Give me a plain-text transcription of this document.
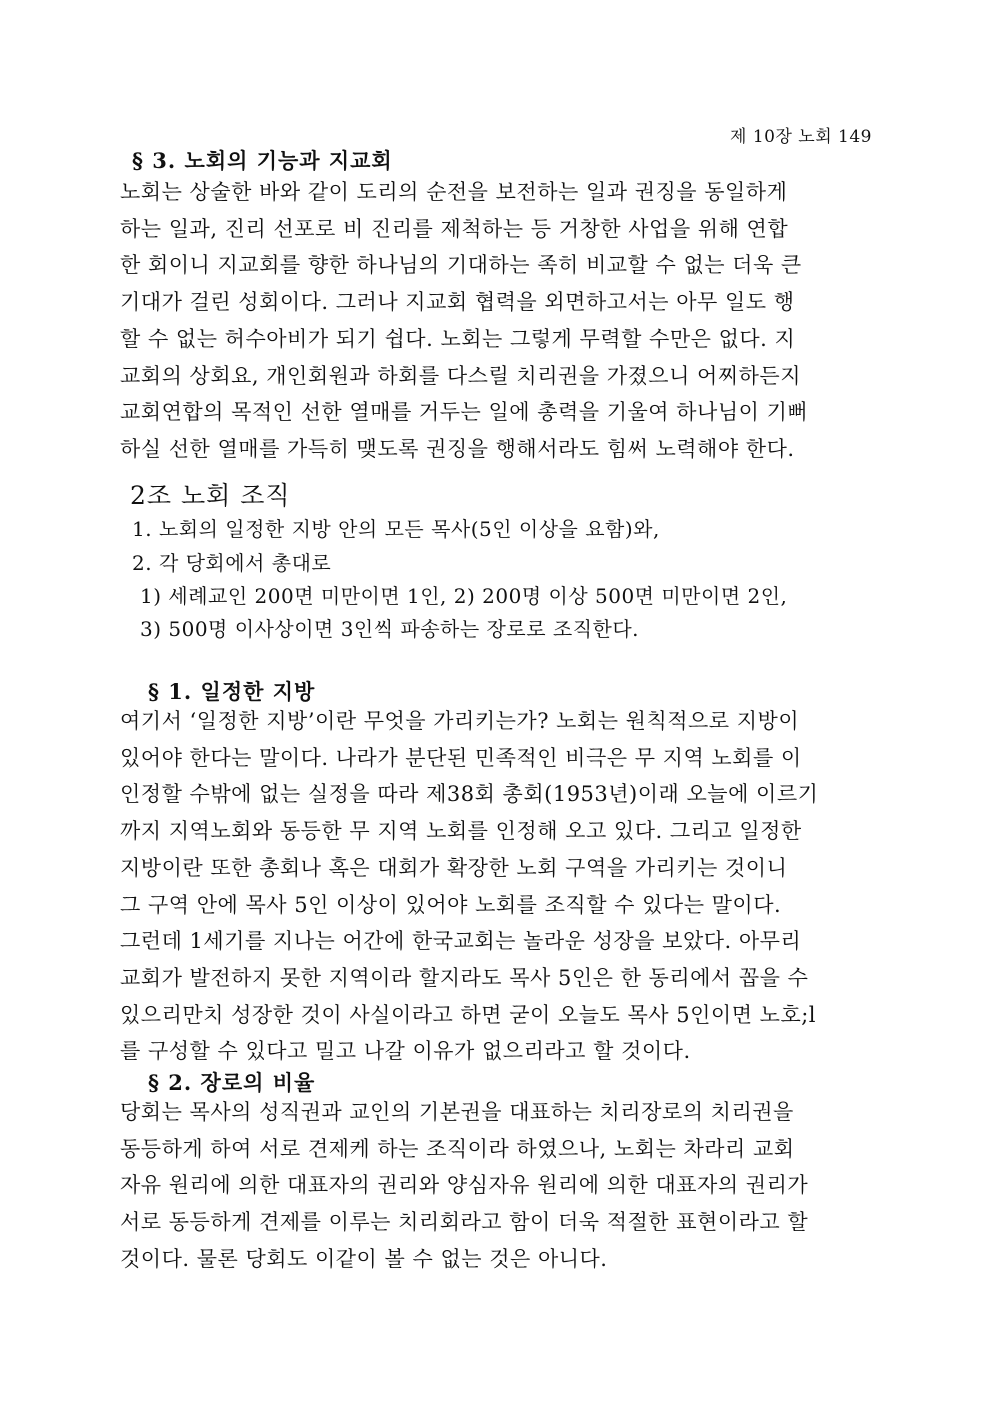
제 10장 노회 149
§ 3. 노회의 기능과 지교회
노회는 상술한 바와 같이 도리의 순전을 보전하는 일과 권징을 동일하게
하는 일과, 진리 선포로 비 진리를 제척하는 등 거창한 사업을 위해 연합
한 회이니 지교회를 향한 하나님의 기대하는 족히 비교할 수 없는 더욱 큰
기대가 걸린 성회이다. 그러나 지교회 협력을 외면하고서는 아무 일도 행
할 수 없는 허수아비가 되기 쉽다. 노회는 그렇게 무력할 수만은 없다. 지
교회의 상회요, 개인회원과 하회를 다스릴 치리권을 가졌으니 어찌하든지
교회연합의 목적인 선한 열매를 거두는 일에 총력을 기울여 하나님이 기뻐
하실 선한 열매를 가득히 맺도록 권징을 행해서라도 힘써 노력해야 한다.
2조 노회 조직
1. 노회의 일정한 지방 안의 모든 목사(5인 이상을 요함)와,
2. 각 당회에서 총대로
1) 세례교인 200면 미만이면 1인, 2) 200명 이상 500면 미만이면 2인,
3) 500명 이사상이면 3인씩 파송하는 장로로 조직한다.
§ 1. 일정한 지방
여기서 ‘일정한 지방’이란 무엇을 가리키는가? 노회는 원칙적으로 지방이
있어야 한다는 말이다. 나라가 분단된 민족적인 비극은 무 지역 노회를 이
인정할 수밖에 없는 실정을 따라 제38회 총회(1953년)이래 오늘에 이르기
까지 지역노회와 동등한 무 지역 노회를 인정해 오고 있다. 그리고 일정한
지방이란 또한 총회나 혹은 대회가 확장한 노회 구역을 가리키는 것이니
그 구역 안에 목사 5인 이상이 있어야 노회를 조직할 수 있다는 말이다.
그런데 1세기를 지나는 어간에 한국교회는 놀라운 성장을 보았다. 아무리
교회가 발전하지 못한 지역이라 할지라도 목사 5인은 한 동리에서 꼽을 수
있으리만치 성장한 것이 사실이라고 하면 굳이 오늘도 목사 5인이면 노호;l
를 구성할 수 있다고 밀고 나갈 이유가 없으리라고 할 것이다.
§ 2. 장로의 비율
당회는 목사의 성직권과 교인의 기본권을 대표하는 치리장로의 치리권을
동등하게 하여 서로 견제케 하는 조직이라 하였으나, 노회는 차라리 교회
자유 원리에 의한 대표자의 권리와 양심자유 원리에 의한 대표자의 권리가
서로 동등하게 견제를 이루는 치리회라고 함이 더욱 적절한 표현이라고 할
것이다. 물론 당회도 이같이 볼 수 없는 것은 아니다.
